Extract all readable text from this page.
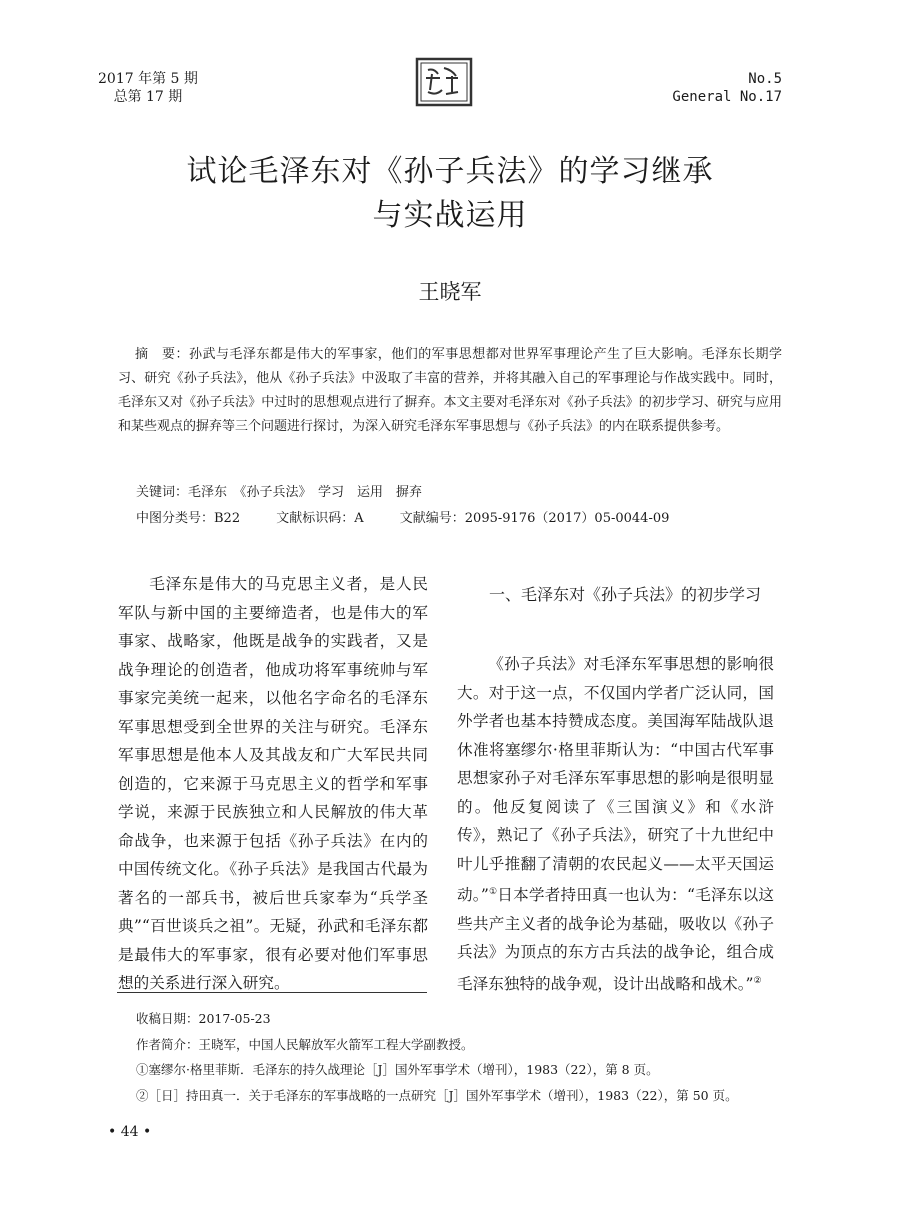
2017 年第 5 期
总第 17 期
No.5
General No.17
试论毛泽东对《孙子兵法》的学习继承
与实战运用
王晓军
摘　要：孙武与毛泽东都是伟大的军事家，他们的军事思想都对世界军事理论产生了巨大影响。毛泽东长期学习、研究《孙子兵法》，他从《孙子兵法》中汲取了丰富的营养，并将其融入自己的军事理论与作战实践中。同时，毛泽东又对《孙子兵法》中过时的思想观点进行了摒弃。本文主要对毛泽东对《孙子兵法》的初步学习、研究与应用和某些观点的摒弃等三个问题进行探讨，为深入研究毛泽东军事思想与《孙子兵法》的内在联系提供参考。
关键词：毛泽东　《孙子兵法》　学习　运用　摒弃
中图分类号：B22	文献标识码：A	文献编号：2095-9176（2017）05-0044-09

毛泽东是伟大的马克思主义者，是人民军队与新中国的主要缔造者，也是伟大的军事家、战略家，他既是战争的实践者，又是战争理论的创造者，他成功将军事统帅与军事家完美统一起来，以他名字命名的毛泽东军事思想受到全世界的关注与研究。毛泽东军事思想是他本人及其战友和广大军民共同创造的，它来源于马克思主义的哲学和军事学说，来源于民族独立和人民解放的伟大革命战争，也来源于包括《孙子兵法》在内的中国传统文化。《孙子兵法》是我国古代最为著名的一部兵书，被后世兵家奉为“兵学圣典”“百世谈兵之祖”。无疑，孙武和毛泽东都是最伟大的军事家，很有必要对他们军事思想的关系进行深入研究。

一、毛泽东对《孙子兵法》的初步学习

《孙子兵法》对毛泽东军事思想的影响很大。对于这一点，不仅国内学者广泛认同，国外学者也基本持赞成态度。美国海军陆战队退休准将塞缪尔·格里菲斯认为：“中国古代军事思想家孙子对毛泽东军事思想的影响是很明显的。他反复阅读了《三国演义》和《水浒传》，熟记了《孙子兵法》，研究了十九世纪中叶儿乎推翻了清朝的农民起义——太平天国运动。”①日本学者持田真一也认为：“毛泽东以这些共产主义者的战争论为基础，吸收以《孙子兵法》为顶点的东方古兵法的战争论，组合成毛泽东独特的战争观，设计出战略和战术。”②

收稿日期：2017-05-23
作者简介：王晓军，中国人民解放军火箭军工程大学副教授。
①塞缪尔·格里菲斯．毛泽东的持久战理论［J］国外军事学术（增刊），1983（22），第 8 页。
②［日］持田真一．关于毛泽东的军事战略的一点研究［J］国外军事学术（增刊），1983（22），第 50 页。
• 44 •
